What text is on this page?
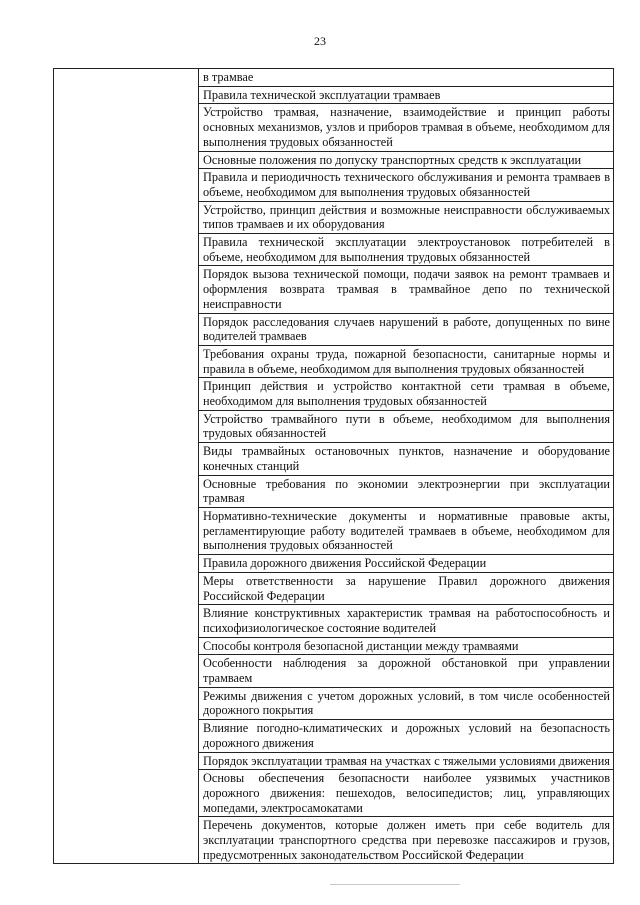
23

в трамвае

Правила технической эксплуатации трамваев

Устройство трамвая, назначение, взаимодействие и принцип работы основных механизмов, узлов и приборов трамвая в объеме, необходимом для выполнения трудовых обязанностей

Основные положения по допуску транспортных средств к эксплуатации

Правила и периодичность технического обслуживания и ремонта трамваев в объеме, необходимом для выполнения трудовых обязанностей

Устройство, принцип действия и возможные неисправности обслуживаемых типов трамваев и их оборудования

Правила технической эксплуатации электроустановок потребителей в объеме, необходимом для выполнения трудовых обязанностей

Порядок вызова технической помощи, подачи заявок на ремонт трамваев и оформления возврата трамвая в трамвайное депо по технической неисправности

Порядок расследования случаев нарушений в работе, допущенных по вине водителей трамваев

Требования охраны труда, пожарной безопасности, санитарные нормы и правила в объеме, необходимом для выполнения трудовых обязанностей

Принцип действия и устройство контактной сети трамвая в объеме, необходимом для выполнения трудовых обязанностей

Устройство трамвайного пути в объеме, необходимом для выполнения трудовых обязанностей

Виды трамвайных остановочных пунктов, назначение и оборудование конечных станций

Основные требования по экономии электроэнергии при эксплуатации трамвая

Нормативно-технические документы и нормативные правовые акты, регламентирующие работу водителей трамваев в объеме, необходимом для выполнения трудовых обязанностей

Правила дорожного движения Российской Федерации

Меры ответственности за нарушение Правил дорожного движения Российской Федерации

Влияние конструктивных характеристик трамвая на работоспособность и психофизиологическое состояние водителей

Способы контроля безопасной дистанции между трамваями

Особенности наблюдения за дорожной обстановкой при управлении трамваем

Режимы движения с учетом дорожных условий, в том числе особенностей дорожного покрытия

Влияние погодно-климатических и дорожных условий на безопасность дорожного движения

Порядок эксплуатации трамвая на участках с тяжелыми условиями движения

Основы обеспечения безопасности наиболее уязвимых участников дорожного движения: пешеходов, велосипедистов; лиц, управляющих мопедами, электросамокатами

Перечень документов, которые должен иметь при себе водитель для эксплуатации транспортного средства при перевозке пассажиров и грузов, предусмотренных законодательством Российской Федерации
